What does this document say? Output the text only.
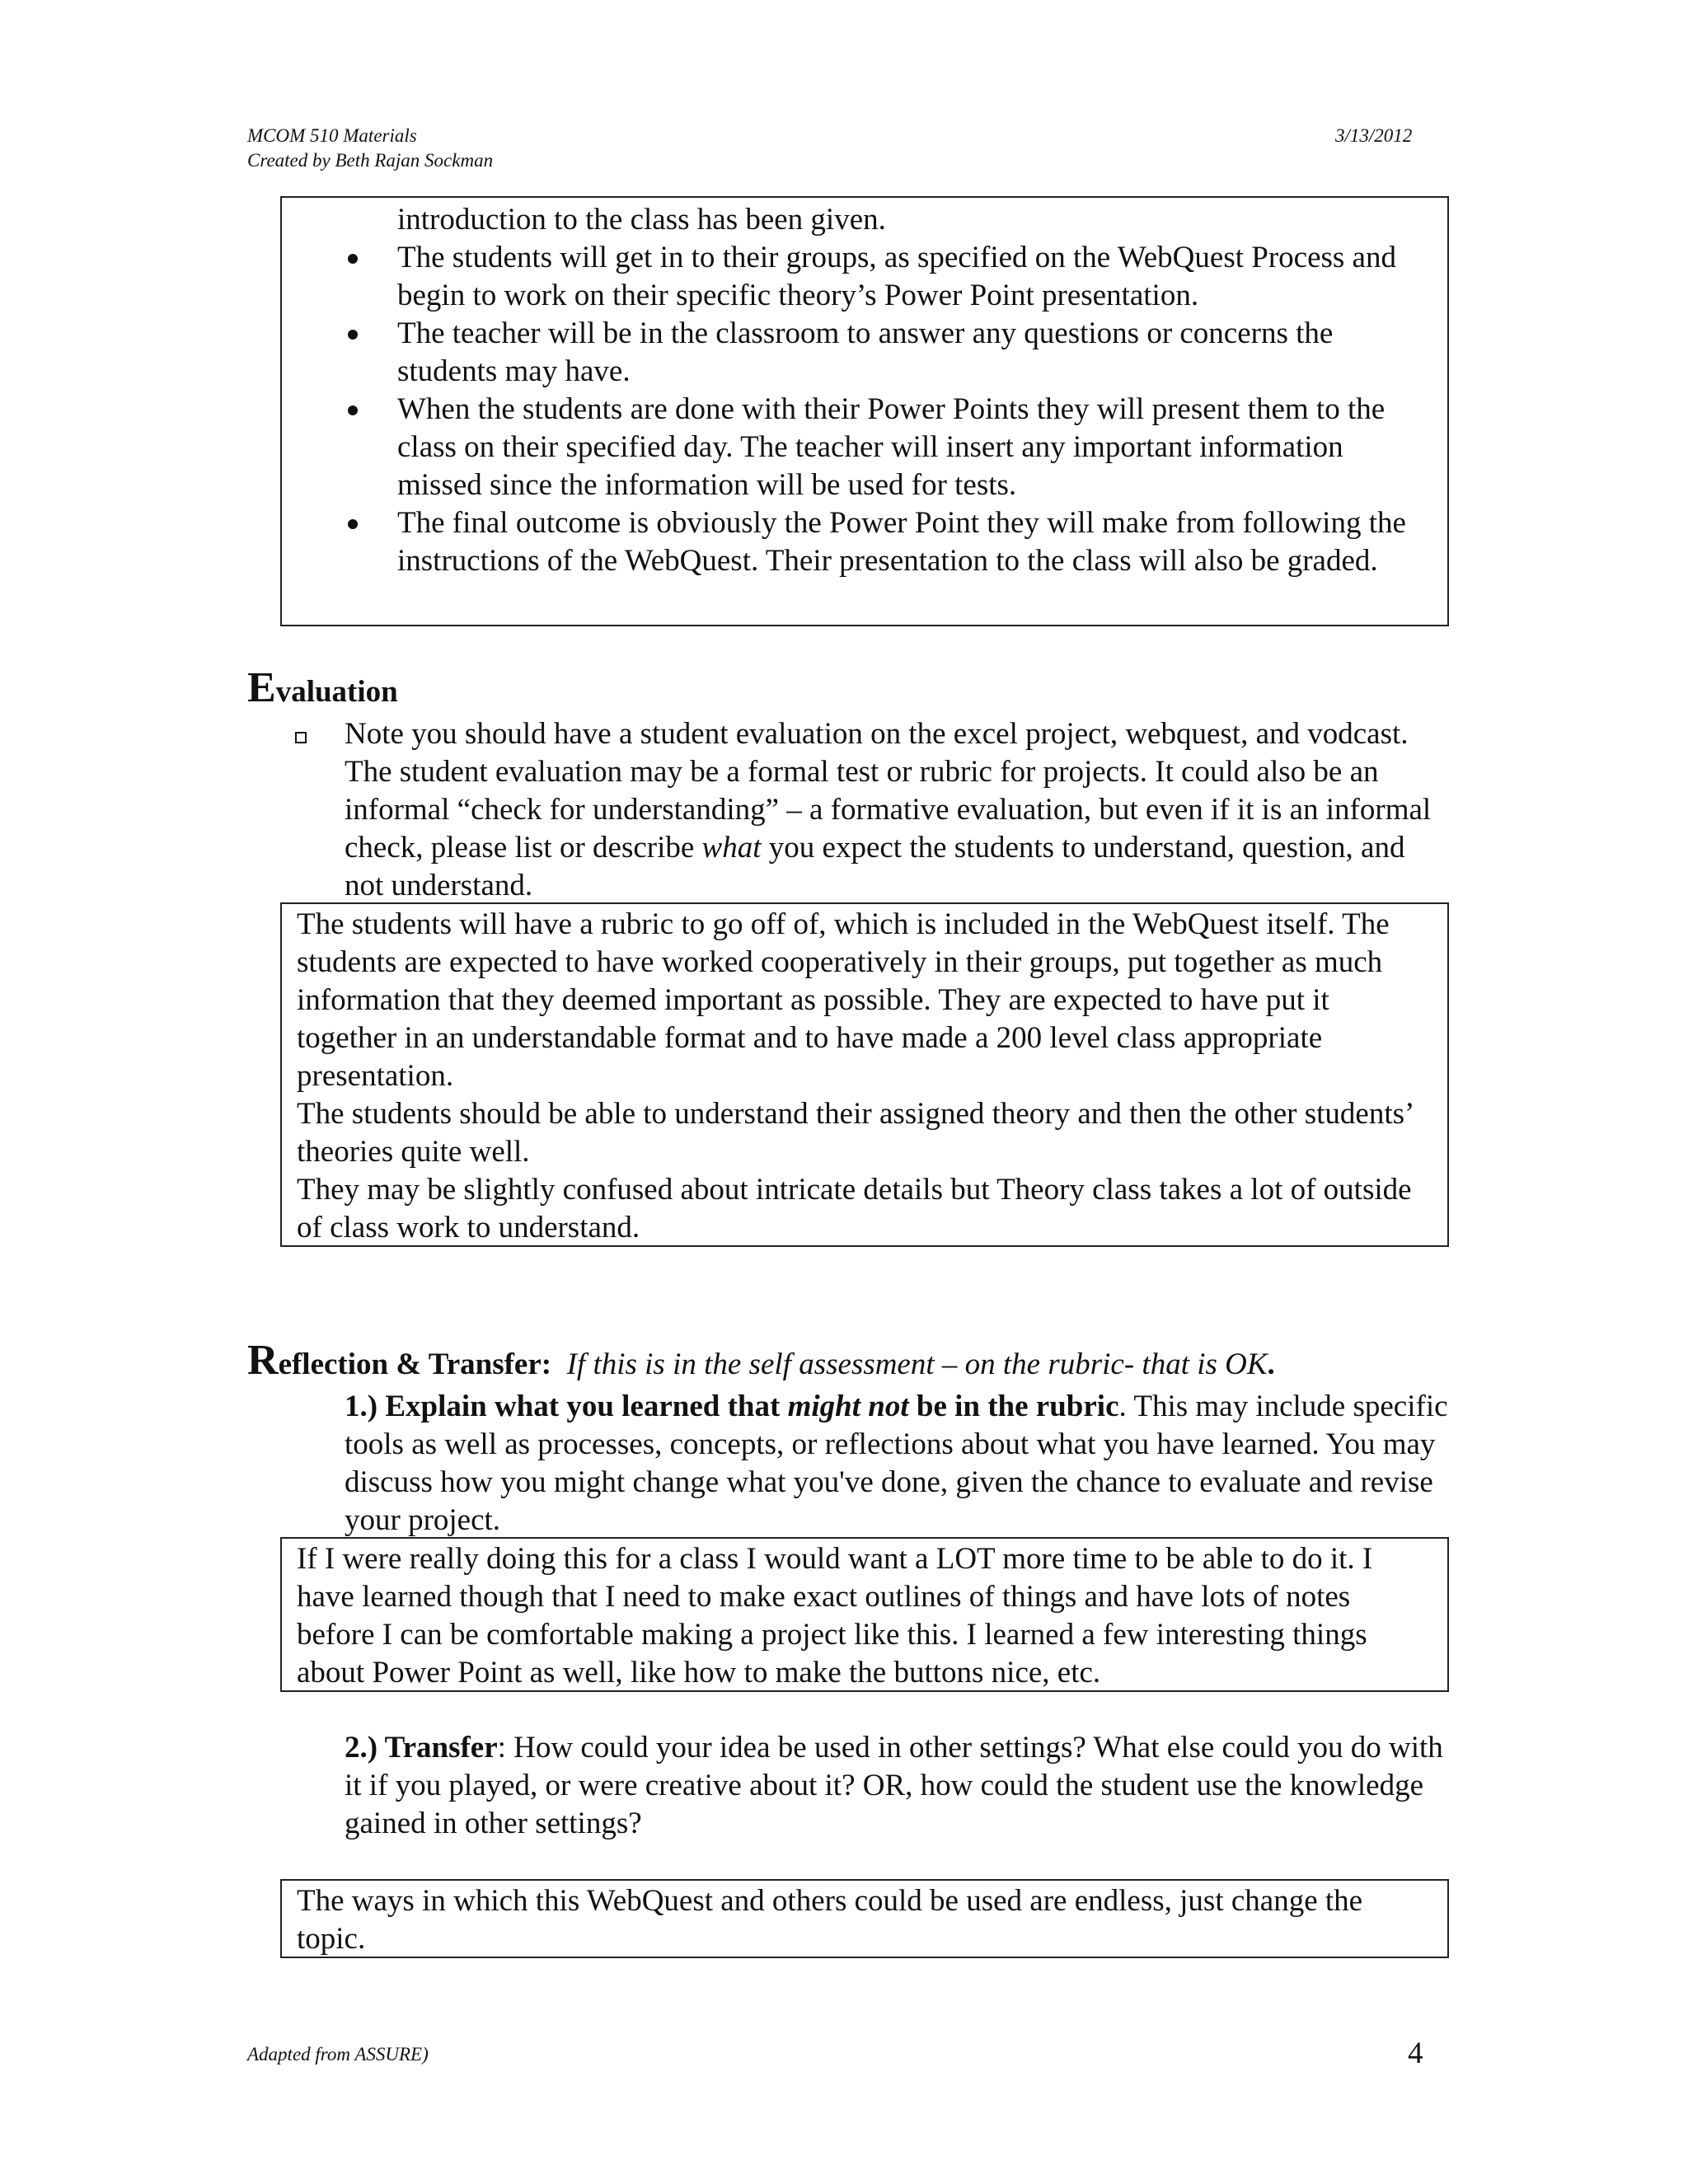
MCOM 510 Materials
Created by Beth Rajan Sockman
3/13/2012
introduction to the class has been given.
The students will get in to their groups, as specified on the WebQuest Process and begin to work on their specific theory’s Power Point presentation.
The teacher will be in the classroom to answer any questions or concerns the students may have.
When the students are done with their Power Points they will present them to the class on their specified day. The teacher will insert any important information missed since the information will be used for tests.
The final outcome is obviously the Power Point they will make from following the instructions of the WebQuest. Their presentation to the class will also be graded.
Evaluation
Note you should have a student evaluation on the excel project, webquest, and vodcast. The student evaluation may be a formal test or rubric for projects. It could also be an informal “check for understanding” – a formative evaluation, but even if it is an informal check, please list or describe what you expect the students to understand, question, and not understand.

The students will have a rubric to go off of, which is included in the WebQuest itself. The students are expected to have worked cooperatively in their groups, put together as much information that they deemed important as possible. They are expected to have put it together in an understandable format and to have made a 200 level class appropriate presentation.

The students should be able to understand their assigned theory and then the other students’ theories quite well.

They may be slightly confused about intricate details but Theory class takes a lot of outside of class work to understand.

Reflection & Transfer: If this is in the self assessment – on the rubric- that is OK.
1.) Explain what you learned that might not be in the rubric. This may include specific tools as well as processes, concepts, or reflections about what you have learned. You may discuss how you might change what you've done, given the chance to evaluate and revise your project.
If I were really doing this for a class I would want a LOT more time to be able to do it. I have learned though that I need to make exact outlines of things and have lots of notes before I can be comfortable making a project like this. I learned a few interesting things about Power Point as well, like how to make the buttons nice, etc.
2.) Transfer: How could your idea be used in other settings? What else could you do with it if you played, or were creative about it? OR, how could the student use the knowledge gained in other settings?
The ways in which this WebQuest and others could be used are endless, just change the topic.
Adapted from ASSURE)	4
